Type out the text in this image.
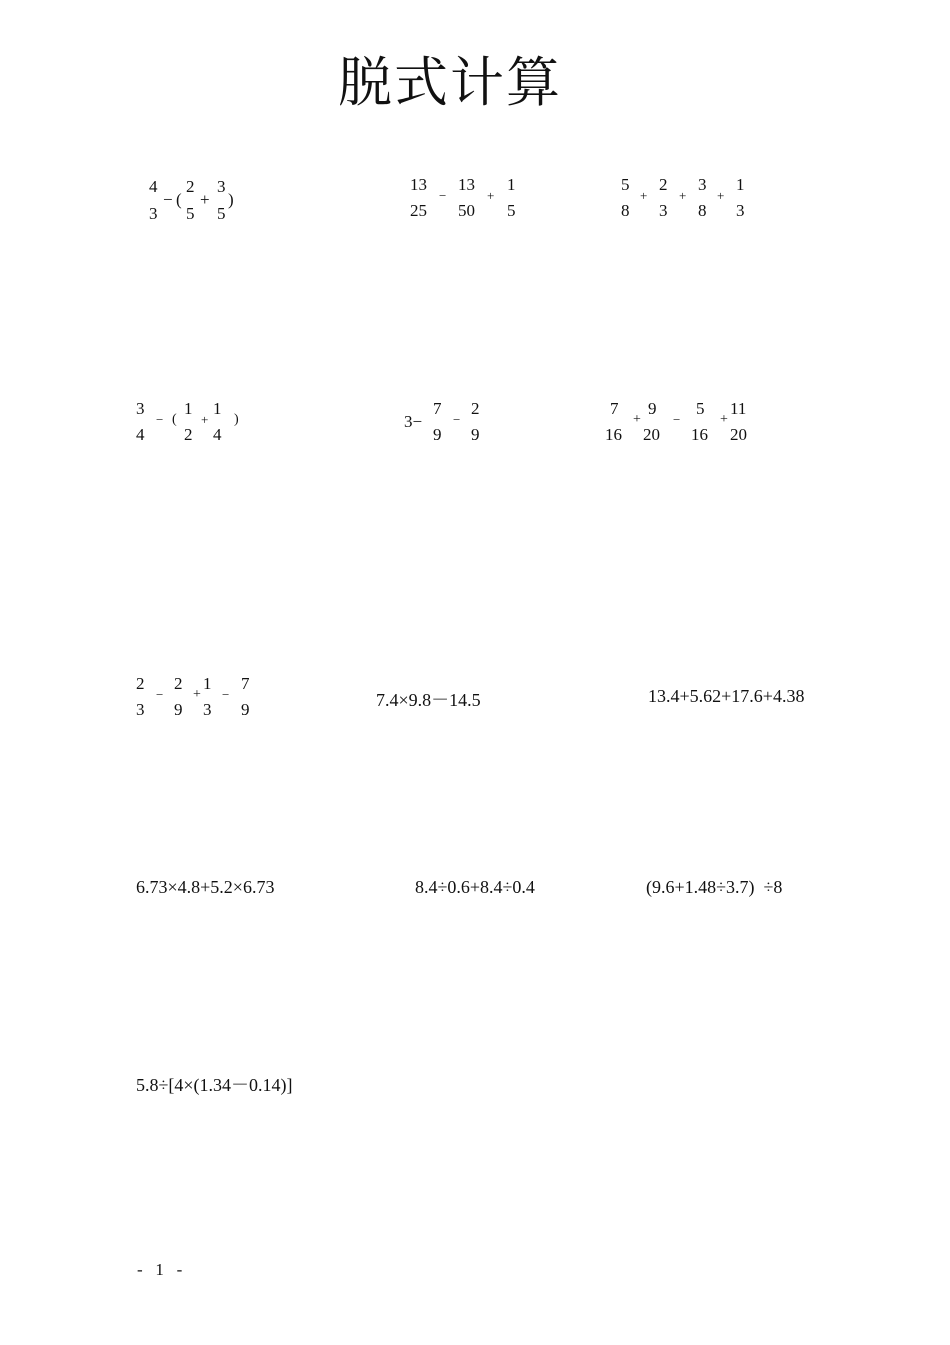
脱式计算
4
3
− (
2
5
+
3
5
)
13
25
−
13
50
+
1
5
5
8
+
2
3
+
3
8
+
1
3
3
4
− (
1
2
+
1
4
)	3−
7
9
−
2
9
7
16
+
9
20
−
5
16
+
11
20
2
3
−
2
9
+
1
3
−
7
9	7.4×9.8－14.5	13.4+5.62+17.6+4.38
6.73×4.8+5.2×6.73	8.4÷0.6+8.4÷0.4	(9.6+1.48÷3.7)  ÷8
5.8÷[4×(1.34－0.14)]
-   1   -
